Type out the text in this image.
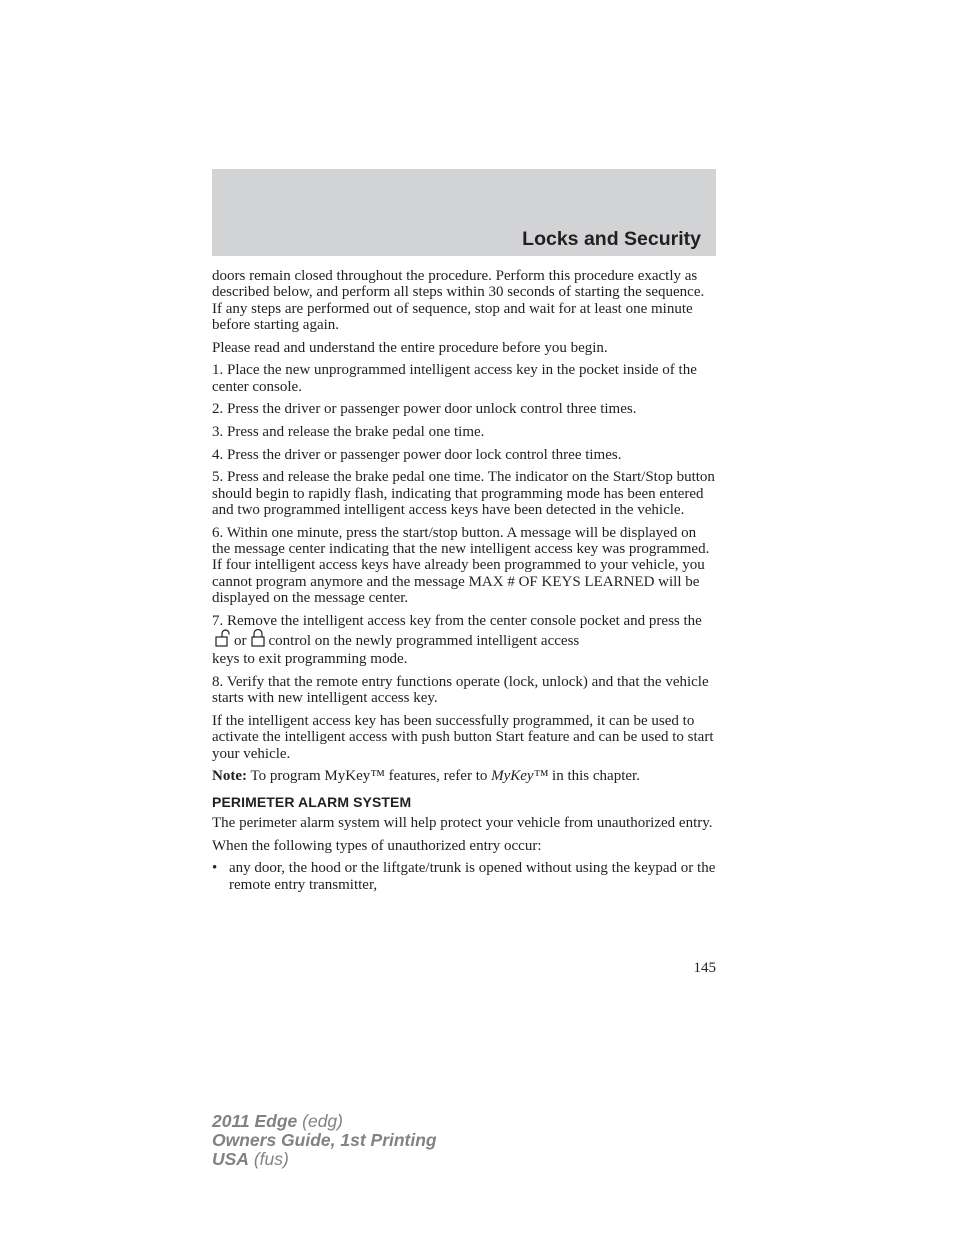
Locks and Security

doors remain closed throughout the procedure. Perform this procedure exactly as described below, and perform all steps within 30 seconds of starting the sequence. If any steps are performed out of sequence, stop and wait for at least one minute before starting again.

Please read and understand the entire procedure before you begin.

1. Place the new unprogrammed intelligent access key in the pocket inside of the center console.

2. Press the driver or passenger power door unlock control three times.

3. Press and release the brake pedal one time.

4. Press the driver or passenger power door lock control three times.

5. Press and release the brake pedal one time. The indicator on the Start/Stop button should begin to rapidly flash, indicating that programming mode has been entered and two programmed intelligent access keys have been detected in the vehicle.

6. Within one minute, press the start/stop button. A message will be displayed on the message center indicating that the new intelligent access key was programmed. If four intelligent access keys have already been programmed to your vehicle, you cannot program anymore and the message MAX # OF KEYS LEARNED will be displayed on the message center.

7. Remove the intelligent access key from the center console pocket and press the
or control on the newly programmed intelligent access
keys to exit programming mode.

8. Verify that the remote entry functions operate (lock, unlock) and that the vehicle starts with new intelligent access key.

If the intelligent access key has been successfully programmed, it can be used to activate the intelligent access with push button Start feature and can be used to start your vehicle.

Note: To program MyKey™ features, refer to MyKey™ in this chapter.

PERIMETER ALARM SYSTEM

The perimeter alarm system will help protect your vehicle from unauthorized entry.

When the following types of unauthorized entry occur:

• any door, the hood or the liftgate/trunk is opened without using the keypad or the remote entry transmitter,
145
2011 Edge (edg)
Owners Guide, 1st Printing
USA (fus)
